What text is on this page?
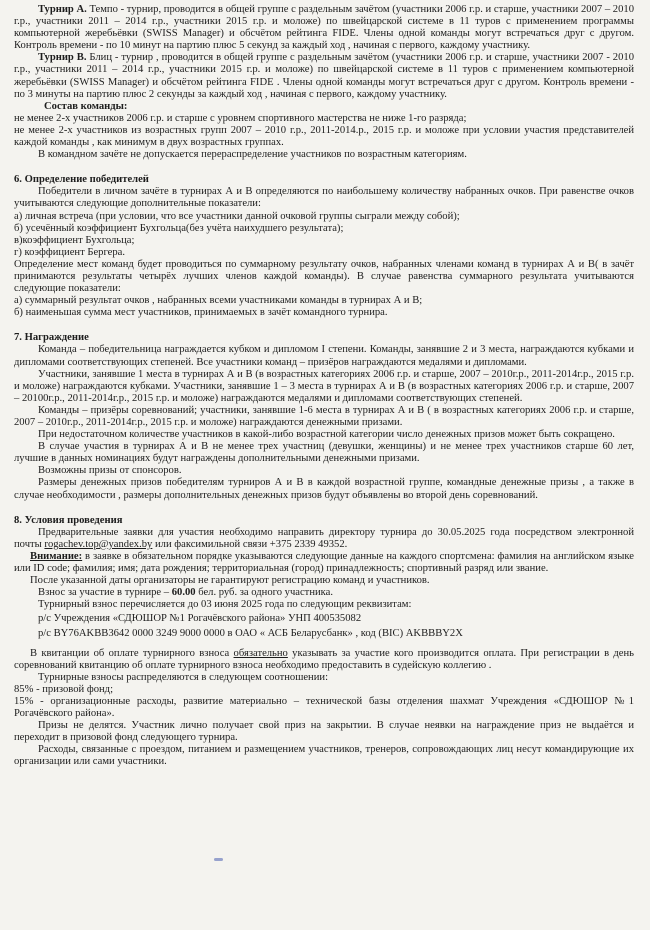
Турнир А. Темпо - турнир, проводится в общей группе с раздельным зачётом (участники 2006 г.р. и старше, участники 2007 – 2010 г.р., участники 2011 – 2014 г.р., участники 2015 г.р. и моложе) по швейцарской системе в 11 туров с применением программы компьютерной жеребьёвки (SWISS Manager) и обсчётом рейтинга FIDE. Члены одной команды могут встречаться друг с другом. Контроль времени - по 10 минут на партию плюс 5 секунд за каждый ход , начиная с первого, каждому участнику.

Турнир В. Блиц - турнир , проводится в общей группе с раздельным зачётом (участники 2006 г.р. и старше, участники 2007 - 2010 г.р., участники 2011 – 2014 г.р., участники 2015 г.р. и моложе) по швейцарской системе в 11 туров с применением компьютерной жеребьёвки (SWISS Manager) и обсчётом рейтинга FIDE . Члены одной команды могут встречаться друг с другом. Контроль времени - по 3 минуты на партию плюс 2 секунды за каждый ход , начиная с первого, каждому участнику.

Состав команды:

не менее 2-х участников 2006 г.р. и старше с уровнем спортивного мастерства не ниже 1-го разряда;

не менее 2-х участников из возрастных групп 2007 – 2010 г.р., 2011-2014.р., 2015 г.р. и моложе при условии участия представителей каждой команды , как минимум в двух возрастных группах.

В командном зачёте не допускается перераспределение участников по возрастным категориям.

6. Определение победителей

Победители в личном зачёте в турнирах А и В определяются по наибольшему количеству набранных очков. При равенстве очков учитываются следующие дополнительные показатели:

а) личная встреча (при условии, что все участники данной очковой группы сыграли между собой);

б) усечённый коэффициент Бухгольца(без учёта наихудшего результата);

в)коэффициент Бухгольца;

г) коэффициент Бергера.

Определение мест команд будет проводиться по суммарному результату очков, набранных членами команд в турнирах А и В( в зачёт принимаются результаты четырёх лучших членов каждой команды). В случае равенства суммарного результата учитываются следующие показатели:

а) суммарный результат очков , набранных всеми участниками команды в турнирах А и В;

б) наименьшая сумма мест участников, принимаемых в зачёт командного турнира.

7. Награждение

Команда – победительница награждается кубком и дипломом I степени. Команды, занявшие 2 и 3 места, награждаются кубками и дипломами соответствующих степеней. Все участники команд – призёров награждаются медалями и дипломами.

Участники, занявшие 1 места в турнирах А и В (в возрастных категориях 2006 г.р. и старше, 2007 – 2010г.р., 2011-2014г.р., 2015 г.р. и моложе) награждаются кубками. Участники, занявшие 1 – 3 места в турнирах А и В (в возрастных категориях 2006 г.р. и старше, 2007 – 20100г.р., 2011-2014г.р., 2015 г.р. и моложе) награждаются медалями и дипломами соответствующих степеней.

Команды – призёры соревнований; участники, занявшие 1-6 места в турнирах А и В ( в возрастных категориях 2006 г.р. и старше, 2007 – 2010г.р., 2011-2014г.р., 2015 г.р. и моложе) награждаются денежными призами.

При недостаточном количестве участников в какой-либо возрастной категории число денежных призов может быть сокращено.

В случае участия в турнирах А и В не менее трех участниц (девушки, женщины) и не менее трех участников старше 60 лет, лучшие в данных номинациях будут награждены дополнительными денежными призами.

Возможны призы от спонсоров.

Размеры денежных призов победителям турниров А и В в каждой возрастной группе, командные денежные призы , а также в случае необходимости , размеры дополнительных денежных призов будут объявлены во второй день соревнований.

8. Условия проведения

Предварительные заявки для участия необходимо направить директору турнира до 30.05.2025 года посредством электронной почты rogachev.top@yandex.by или факсимильной связи +375 2339 49352.

Внимание: в заявке в обязательном порядке указываются следующие данные на каждого спортсмена: фамилия на английском языке или ID code; фамилия; имя; дата рождения; территориальная (город) принадлежность; спортивный разряд или звание.

После указанной даты организаторы не гарантируют регистрацию команд и участников.

Взнос за участие в турнире – 60.00 бел. руб. за одного участника.

Турнирный взнос перечисляется до 03 июня 2025 года по следующим реквизитам:

р/с Учреждения «СДЮШОР №1 Рогачёвского района» УНП 400535082

р/с BY76AKBB3642 0000 3249 9000 0000 в ОАО « АСБ Беларусбанк» , код (BIC) AKBBBY2X

В квитанции об оплате турнирного взноса обязательно указывать за участие кого производится оплата. При регистрации в день соревнований квитанцию об оплате турнирного взноса необходимо предоставить в судейскую коллегию .

Турнирные взносы распределяются в следующем соотношении:

85% - призовой фонд;

15% - организационные расходы, развитие материально – технической базы отделения шахмат Учреждения «СДЮШОР №1 Рогачёвского района».

Призы не делятся. Участник лично получает свой приз на закрытии. В случае неявки на награждение приз не выдаётся и переходит в призовой фонд следующего турнира.

Расходы, связанные с проездом, питанием и размещением участников, тренеров, сопровождающих лиц несут командирующие их организации или сами участники.
